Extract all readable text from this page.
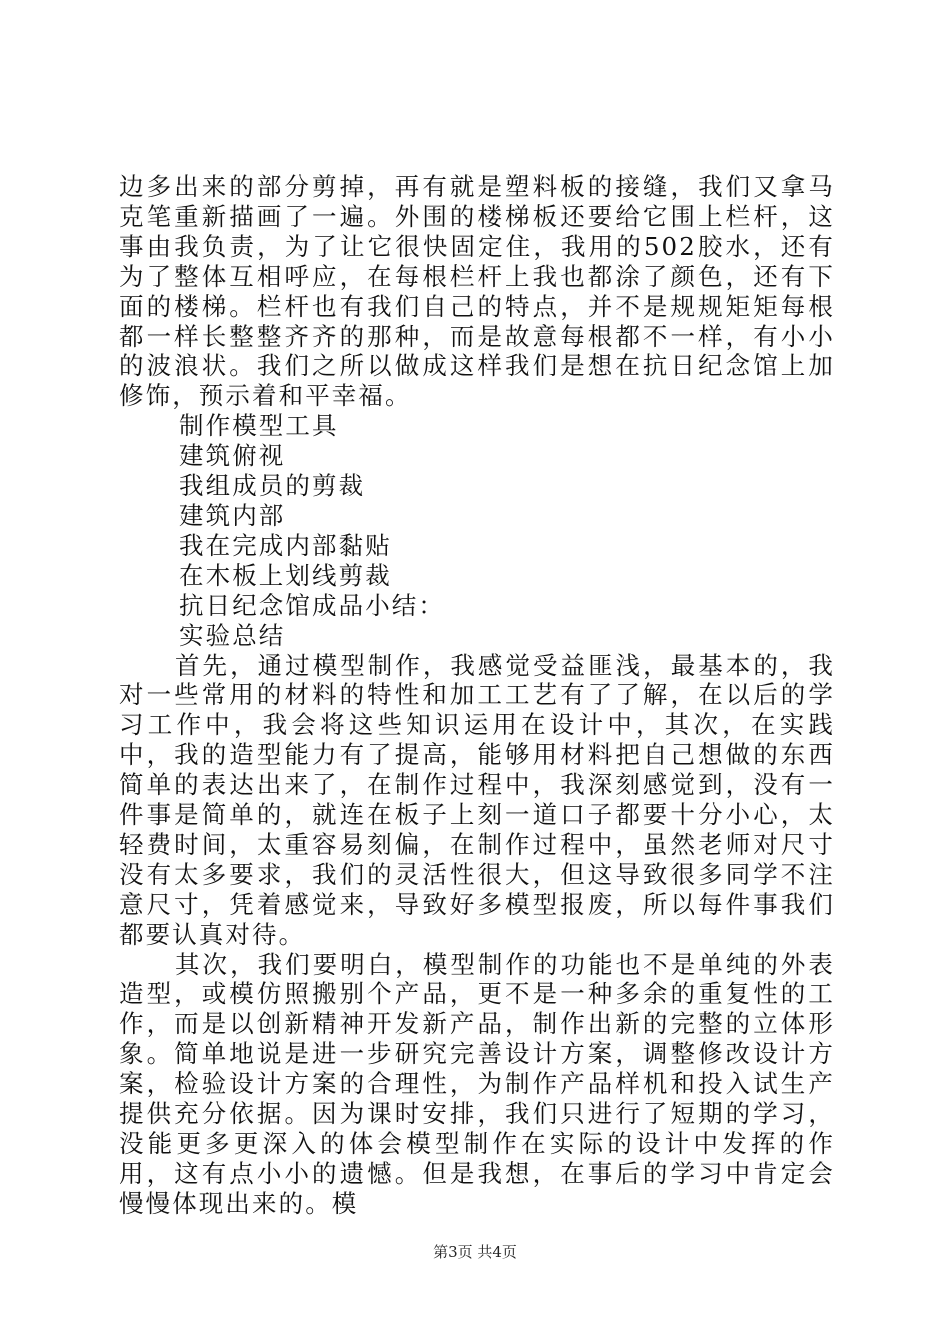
边多出来的部分剪掉，再有就是塑料板的接缝，我们又拿马克笔重新描画了一遍。外围的楼梯板还要给它围上栏杆，这事由我负责，为了让它很快固定住，我用的502胶水，还有为了整体互相呼应，在每根栏杆上我也都涂了颜色，还有下面的楼梯。栏杆也有我们自己的特点，并不是规规矩矩每根都一样长整整齐齐的那种，而是故意每根都不一样，有小小的波浪状。我们之所以做成这样我们是想在抗日纪念馆上加修饰，预示着和平幸福。

制作模型工具

建筑俯视

我组成员的剪裁

建筑内部

我在完成内部黏贴

在木板上划线剪裁

抗日纪念馆成品小结：

实验总结

首先，通过模型制作，我感觉受益匪浅，最基本的，我对一些常用的材料的特性和加工工艺有了了解，在以后的学习工作中，我会将这些知识运用在设计中，其次，在实践中，我的造型能力有了提高，能够用材料把自己想做的东西简单的表达出来了，在制作过程中，我深刻感觉到，没有一件事是简单的，就连在板子上刻一道口子都要十分小心，太轻费时间，太重容易刻偏，在制作过程中，虽然老师对尺寸没有太多要求，我们的灵活性很大，但这导致很多同学不注意尺寸，凭着感觉来，导致好多模型报废，所以每件事我们都要认真对待。

其次，我们要明白，模型制作的功能也不是单纯的外表造型，或模仿照搬别个产品，更不是一种多余的重复性的工作，而是以创新精神开发新产品，制作出新的完整的立体形象。简单地说是进一步研究完善设计方案，调整修改设计方案，检验设计方案的合理性，为制作产品样机和投入试生产提供充分依据。因为课时安排，我们只进行了短期的学习，没能更多更深入的体会模型制作在实际的设计中发挥的作用，这有点小小的遗憾。但是我想，在事后的学习中肯定会慢慢体现出来的。模

第3页 共4页
